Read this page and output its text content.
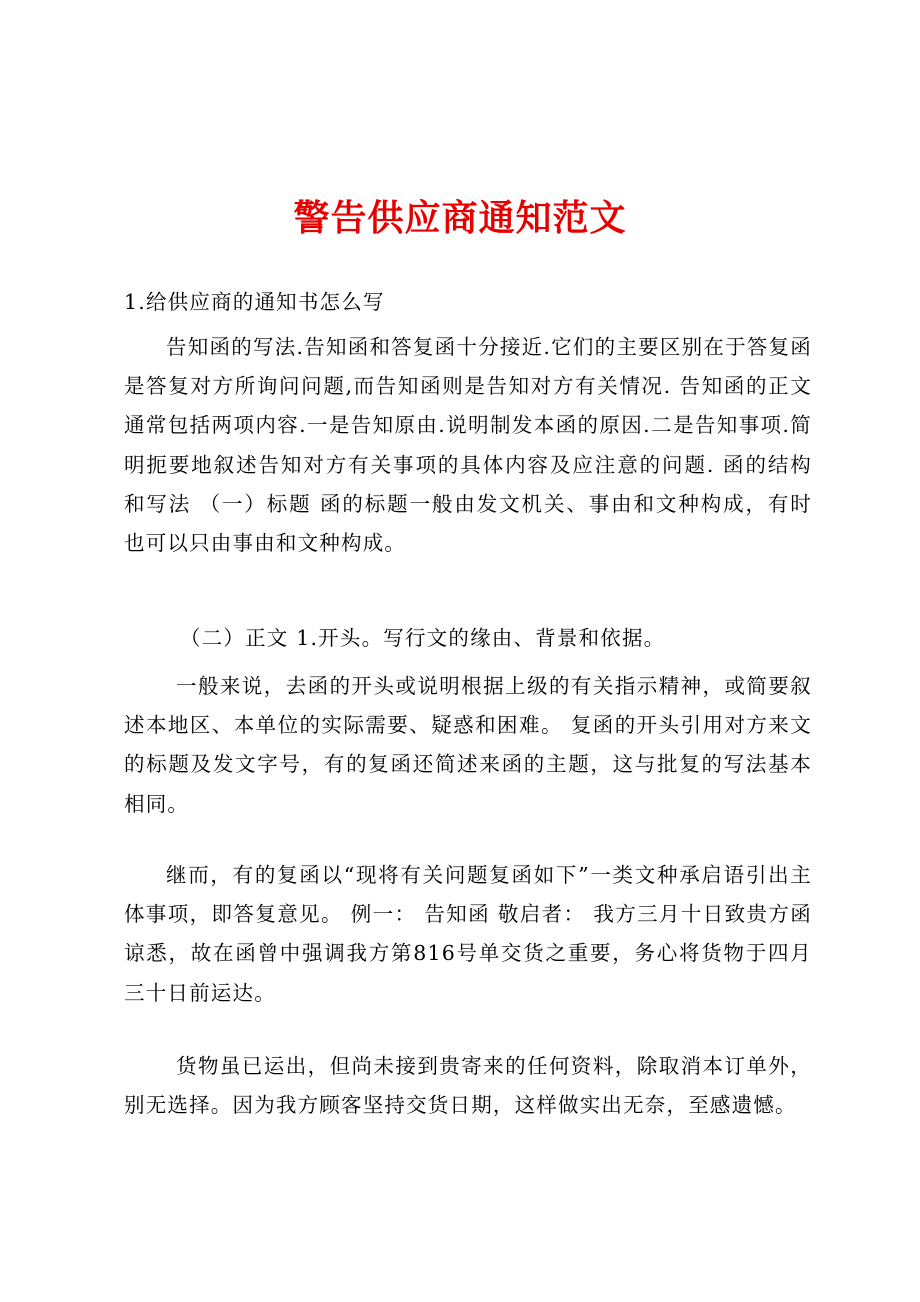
警告供应商通知范文

1.给供应商的通知书怎么写

告知函的写法.告知函和答复函十分接近.它们的主要区别在于答复函是答复对方所询问问题,而告知函则是告知对方有关情况. 告知函的正文通常包括两项内容.一是告知原由.说明制发本函的原因.二是告知事项.简明扼要地叙述告知对方有关事项的具体内容及应注意的问题. 函的结构和写法 （一）标题 函的标题一般由发文机关、事由和文种构成，有时也可以只由事由和文种构成。

（二）正文 1.开头。写行文的缘由、背景和依据。

一般来说，去函的开头或说明根据上级的有关指示精神，或简要叙述本地区、本单位的实际需要、疑惑和困难。 复函的开头引用对方来文的标题及发文字号，有的复函还简述来函的主题，这与批复的写法基本相同。

继而，有的复函以“现将有关问题复函如下”一类文种承启语引出主体事项，即答复意见。 例一： 告知函 敬启者： 我方三月十日致贵方函谅悉，故在函曾中强调我方第816号单交货之重要，务心将货物于四月三十日前运达。

货物虽已运出，但尚未接到贵寄来的任何资料，除取消本订单外，别无选择。因为我方顾客坚持交货日期，这样做实出无奈，至感遗憾。
